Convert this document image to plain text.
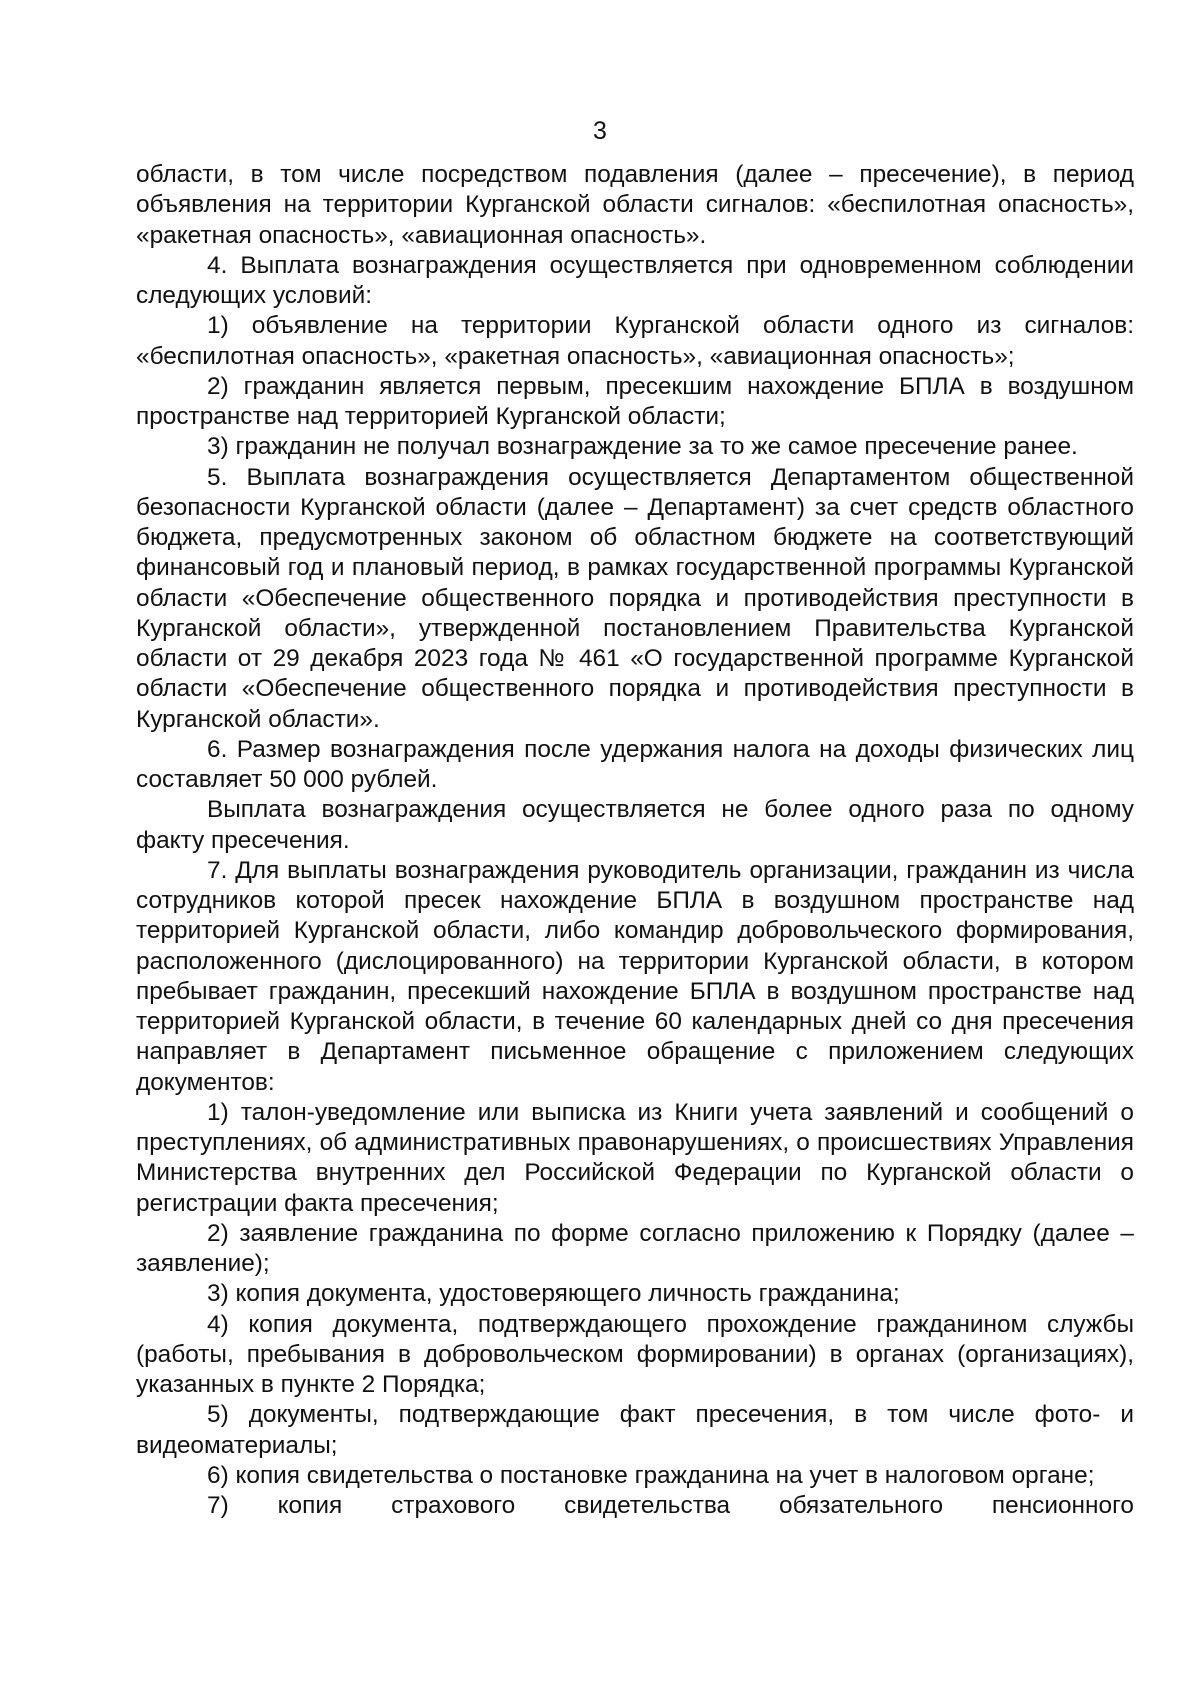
3

области, в том числе посредством подавления (далее – пресечение), в период объявления на территории Курганской области сигналов: «беспилотная опасность», «ракетная опасность», «авиационная опасность».

4. Выплата вознаграждения осуществляется при одновременном соблюдении следующих условий:

1) объявление на территории Курганской области одного из сигналов: «беспилотная опасность», «ракетная опасность», «авиационная опасность»;

2) гражданин является первым, пресекшим нахождение БПЛА в воздушном пространстве над территорией Курганской области;

3) гражданин не получал вознаграждение за то же самое пресечение ранее.

5. Выплата вознаграждения осуществляется Департаментом общественной безопасности Курганской области (далее – Департамент) за счет средств областного бюджета, предусмотренных законом об областном бюджете на соответствующий финансовый год и плановый период, в рамках государственной программы Курганской области «Обеспечение общественного порядка и противодействия преступности в Курганской области», утвержденной постановлением Правительства Курганской области от 29 декабря 2023 года № 461 «О государственной программе Курганской области «Обеспечение общественного порядка и противодействия преступности в Курганской области».

6. Размер вознаграждения после удержания налога на доходы физических лиц составляет 50 000 рублей.

Выплата вознаграждения осуществляется не более одного раза по одному факту пресечения.

7. Для выплаты вознаграждения руководитель организации, гражданин из числа сотрудников которой пресек нахождение БПЛА в воздушном пространстве над территорией Курганской области, либо командир добровольческого формирования, расположенного (дислоцированного) на территории Курганской области, в котором пребывает гражданин, пресекший нахождение БПЛА в воздушном пространстве над территорией Курганской области, в течение 60 календарных дней со дня пресечения направляет в Департамент письменное обращение с приложением следующих документов:

1) талон-уведомление или выписка из Книги учета заявлений и сообщений о преступлениях, об административных правонарушениях, о происшествиях Управления Министерства внутренних дел Российской Федерации по Курганской области о регистрации факта пресечения;

2) заявление гражданина по форме согласно приложению к Порядку (далее – заявление);

3) копия документа, удостоверяющего личность гражданина;

4) копия документа, подтверждающего прохождение гражданином службы (работы, пребывания в добровольческом формировании) в органах (организациях), указанных в пункте 2 Порядка;

5) документы, подтверждающие факт пресечения, в том числе фото- и видеоматериалы;

6) копия свидетельства о постановке гражданина на учет в налоговом органе;

7) копия страхового свидетельства обязательного пенсионного
